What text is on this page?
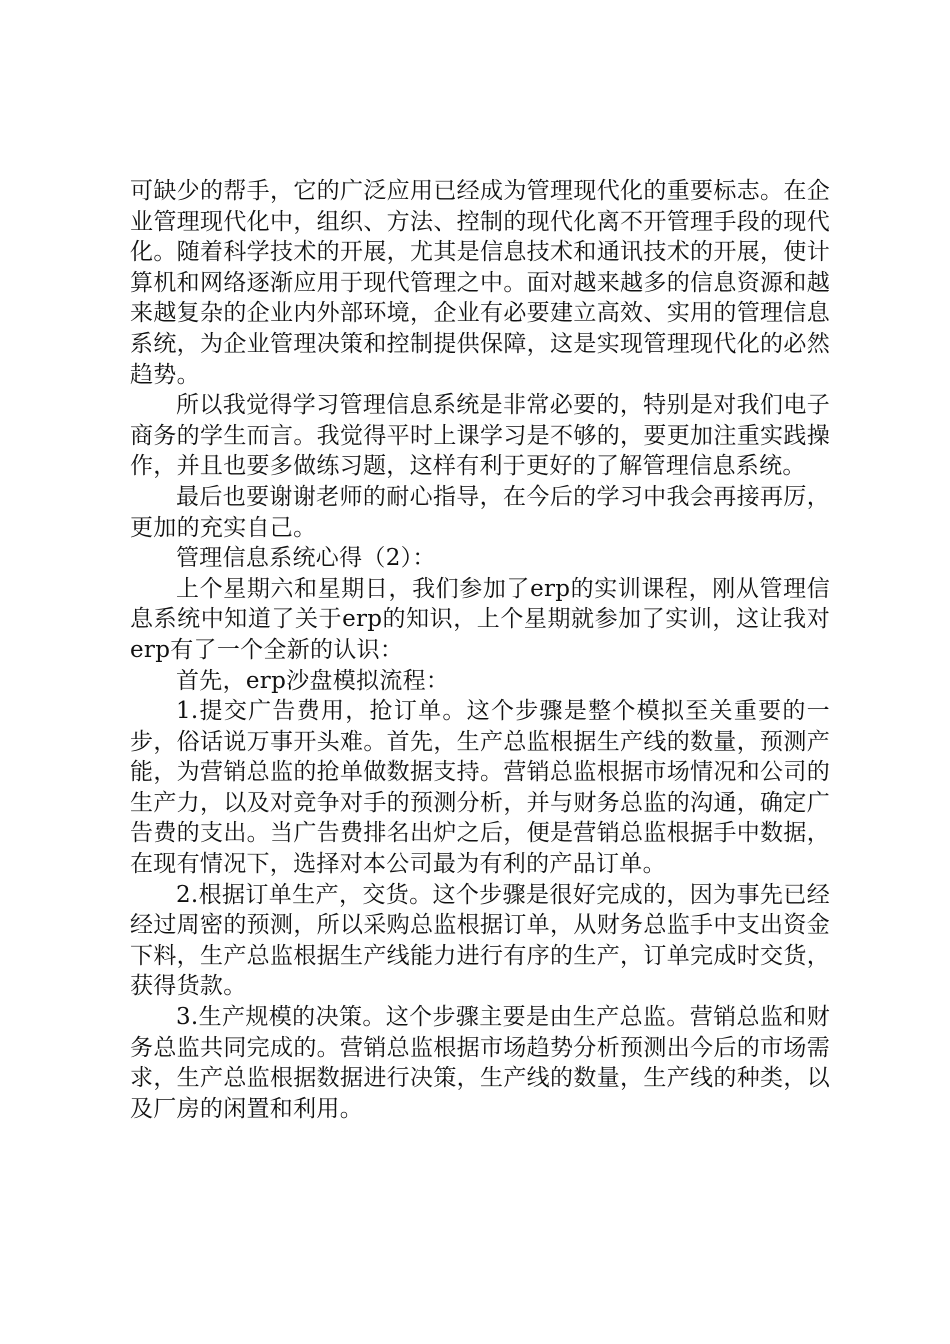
可缺少的帮手，它的广泛应用已经成为管理现代化的重要标志。在企业管理现代化中，组织、方法、控制的现代化离不开管理手段的现代化。随着科学技术的开展，尤其是信息技术和通讯技术的开展，使计算机和网络逐渐应用于现代管理之中。面对越来越多的信息资源和越来越复杂的企业内外部环境，企业有必要建立高效、实用的管理信息系统，为企业管理决策和控制提供保障，这是实现管理现代化的必然趋势。

所以我觉得学习管理信息系统是非常必要的，特别是对我们电子商务的学生而言。我觉得平时上课学习是不够的，要更加注重实践操作，并且也要多做练习题，这样有利于更好的了解管理信息系统。

最后也要谢谢老师的耐心指导，在今后的学习中我会再接再厉，更加的充实自己。

管理信息系统心得（2）：

上个星期六和星期日，我们参加了erp的实训课程，刚从管理信息系统中知道了关于erp的知识，上个星期就参加了实训，这让我对erp有了一个全新的认识：

首先，erp沙盘模拟流程：

1.提交广告费用，抢订单。这个步骤是整个模拟至关重要的一步，俗话说万事开头难。首先，生产总监根据生产线的数量，预测产能，为营销总监的抢单做数据支持。营销总监根据市场情况和公司的生产力，以及对竞争对手的预测分析，并与财务总监的沟通，确定广告费的支出。当广告费排名出炉之后，便是营销总监根据手中数据，在现有情况下，选择对本公司最为有利的产品订单。

2.根据订单生产，交货。这个步骤是很好完成的，因为事先已经经过周密的预测，所以采购总监根据订单，从财务总监手中支出资金下料，生产总监根据生产线能力进行有序的生产，订单完成时交货，获得货款。

3.生产规模的决策。这个步骤主要是由生产总监。营销总监和财务总监共同完成的。营销总监根据市场趋势分析预测出今后的市场需求，生产总监根据数据进行决策，生产线的数量，生产线的种类，以及厂房的闲置和利用。
